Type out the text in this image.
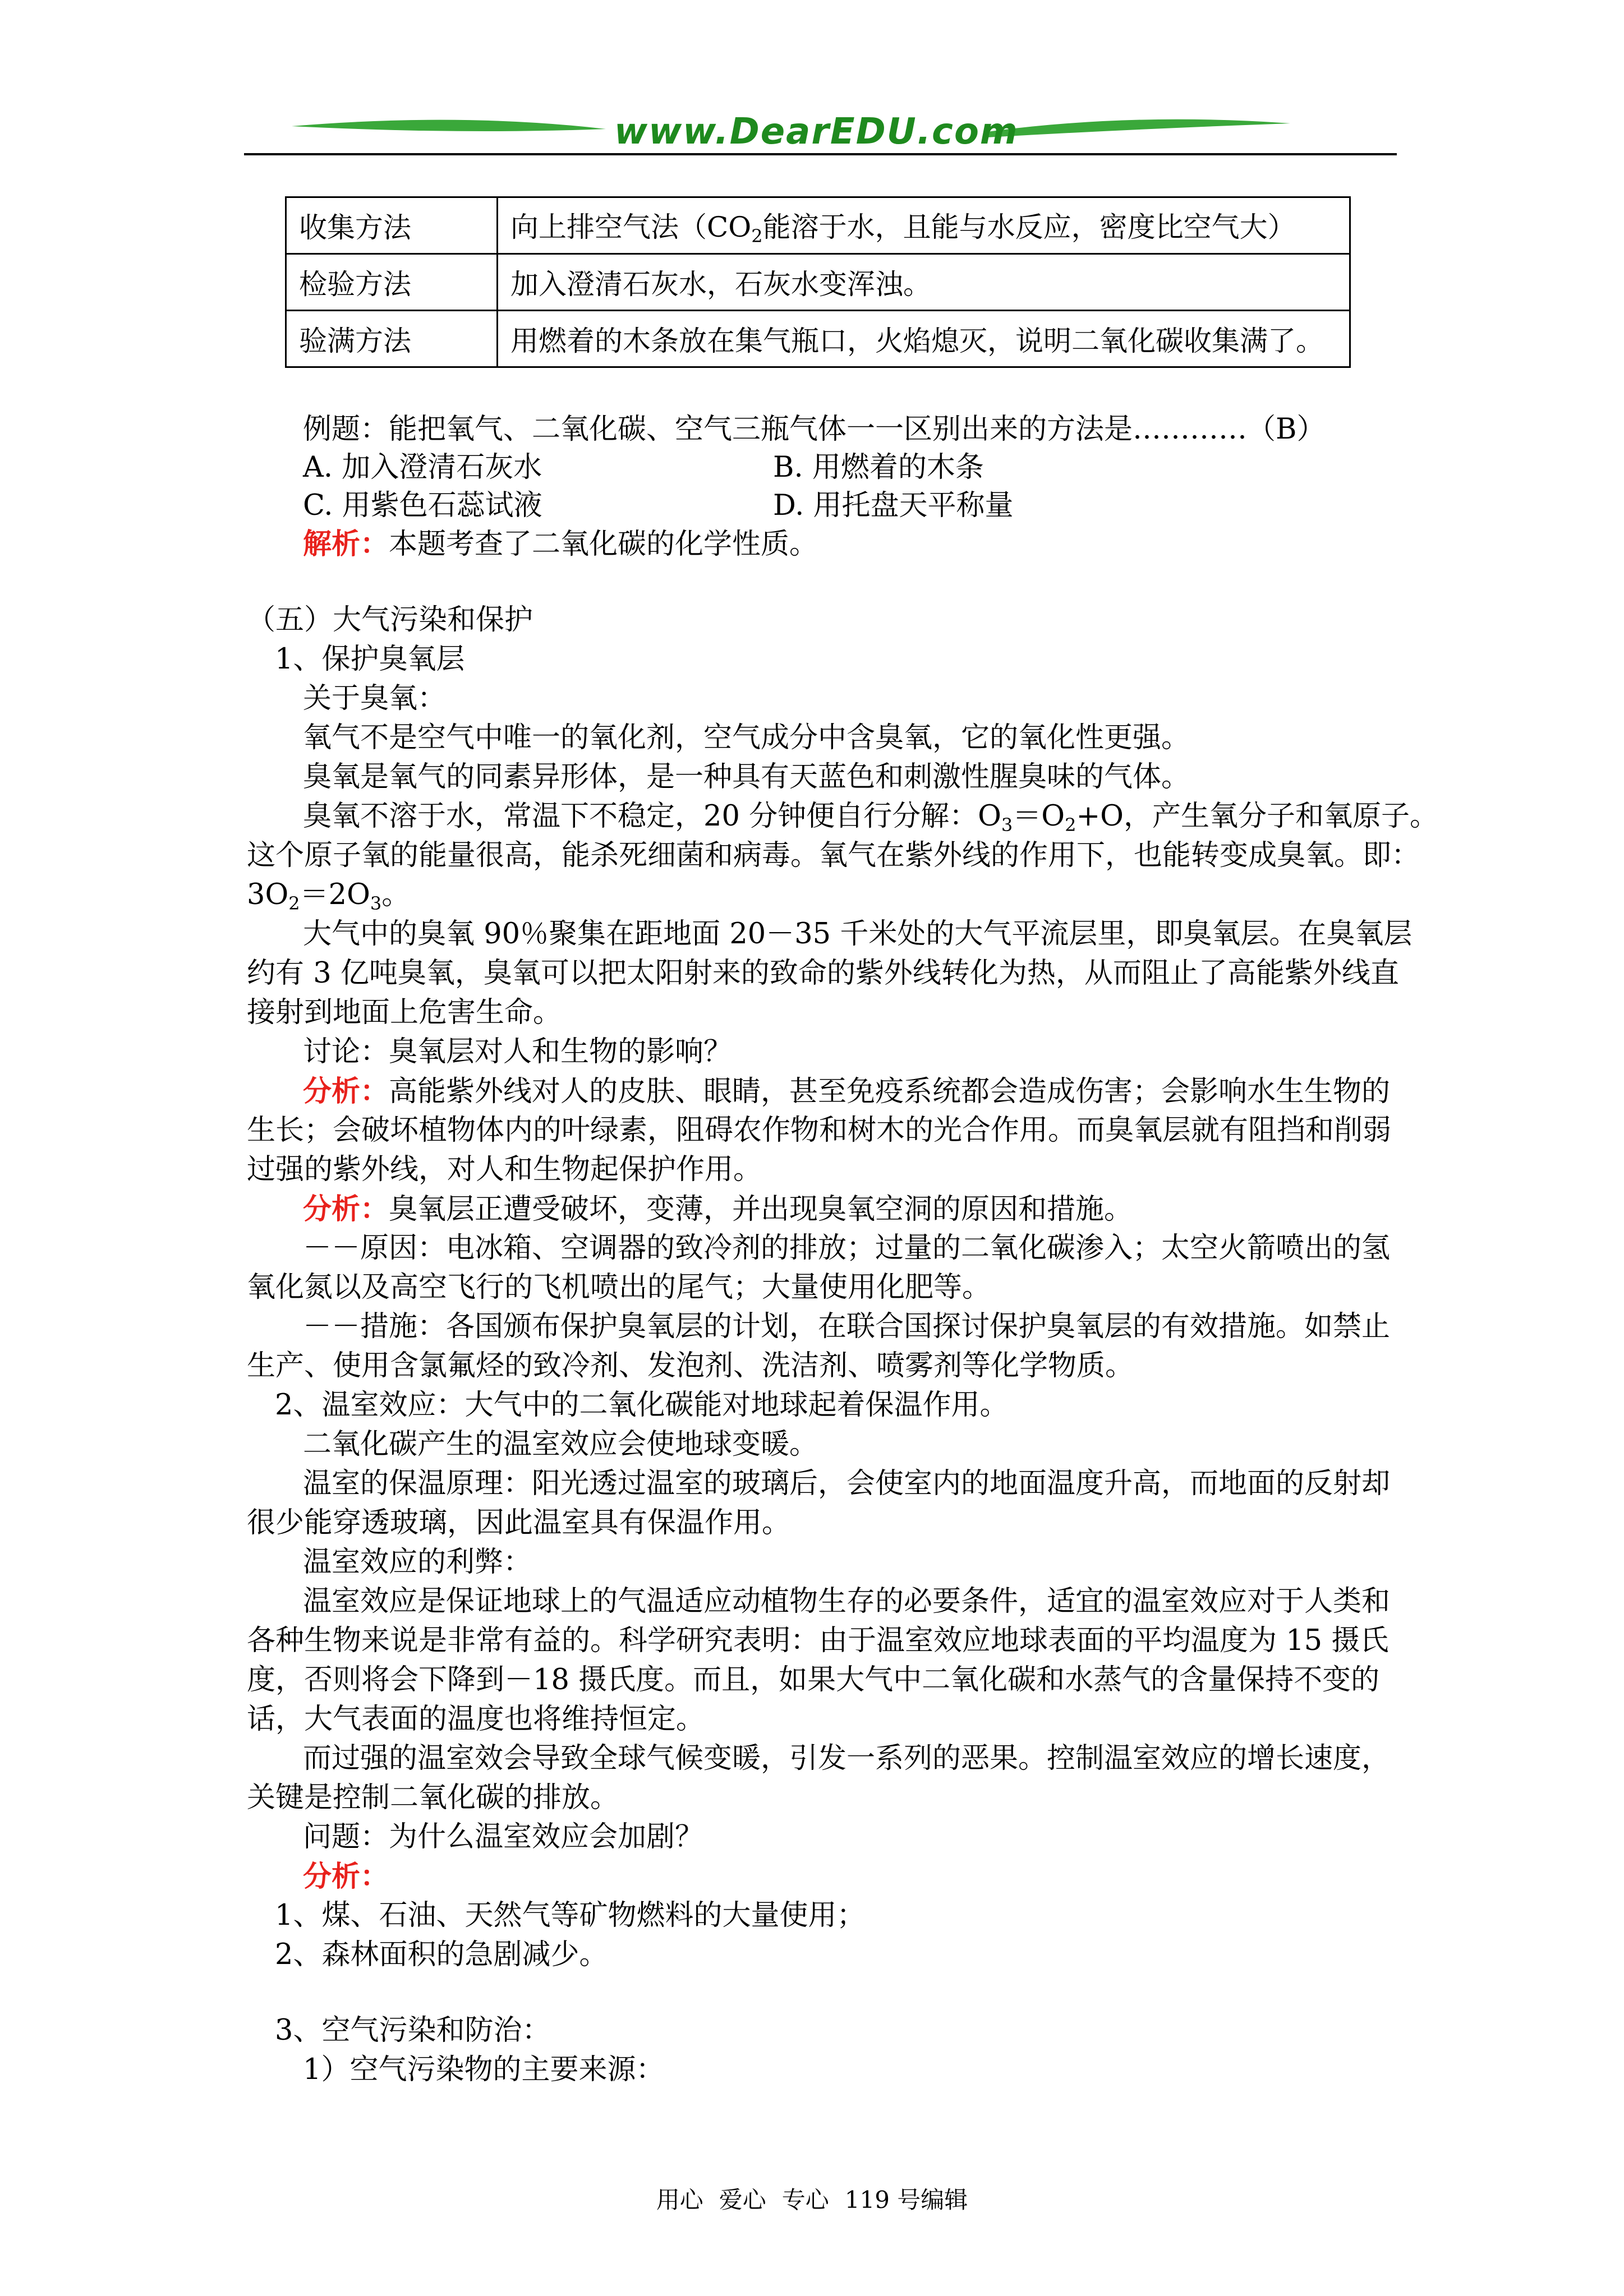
www.DearEDU.com
收集方法	向上排空气法（$CO_2$能溶于水，且能与水反应，密度比空气大）
检验方法	加入澄清石灰水，石灰水变浑浊。
验满方法	用燃着的木条放在集气瓶口，火焰熄灭，说明二氧化碳收集满了。
例题：能把氧气、二氧化碳、空气三瓶气体一一区别出来的方法是…………（B）
A. 加入澄清石灰水	B. 用燃着的木条
C. 用紫色石蕊试液	D. 用托盘天平称量
解析：本题考查了二氧化碳的化学性质。
（五）大气污染和保护
1、保护臭氧层
关于臭氧：
氧气不是空气中唯一的氧化剂，空气成分中含臭氧，它的氧化性更强。
臭氧是氧气的同素异形体，是一种具有天蓝色和刺激性腥臭味的气体。
臭氧不溶于水，常温下不稳定，20 分钟便自行分解：$O_3=O_2+O$，产生氧分子和氧原子。
这个原子氧的能量很高，能杀死细菌和病毒。氧气在紫外线的作用下，也能转变成臭氧。即：
$3O_2=2O_3$。
大气中的臭氧 90％聚集在距地面 20－35 千米处的大气平流层里，即臭氧层。在臭氧层
约有 3 亿吨臭氧，臭氧可以把太阳射来的致命的紫外线转化为热，从而阻止了高能紫外线直
接射到地面上危害生命。
讨论：臭氧层对人和生物的影响？
分析：高能紫外线对人的皮肤、眼睛，甚至免疫系统都会造成伤害；会影响水生生物的
生长；会破坏植物体内的叶绿素，阻碍农作物和树木的光合作用。而臭氧层就有阻挡和削弱
过强的紫外线，对人和生物起保护作用。
分析：臭氧层正遭受破坏，变薄，并出现臭氧空洞的原因和措施。
－－原因：电冰箱、空调器的致冷剂的排放；过量的二氧化碳渗入；太空火箭喷出的氢
氧化氮以及高空飞行的飞机喷出的尾气；大量使用化肥等。
－－措施：各国颁布保护臭氧层的计划，在联合国探讨保护臭氧层的有效措施。如禁止
生产、使用含氯氟烃的致冷剂、发泡剂、洗洁剂、喷雾剂等化学物质。
2、温室效应：大气中的二氧化碳能对地球起着保温作用。
二氧化碳产生的温室效应会使地球变暖。
温室的保温原理：阳光透过温室的玻璃后，会使室内的地面温度升高，而地面的反射却
很少能穿透玻璃，因此温室具有保温作用。
温室效应的利弊：
温室效应是保证地球上的气温适应动植物生存的必要条件，适宜的温室效应对于人类和
各种生物来说是非常有益的。科学研究表明：由于温室效应地球表面的平均温度为 15 摄氏
度，否则将会下降到－18 摄氏度。而且，如果大气中二氧化碳和水蒸气的含量保持不变的
话，大气表面的温度也将维持恒定。
而过强的温室效会导致全球气候变暖，引发一系列的恶果。控制温室效应的增长速度，
关键是控制二氧化碳的排放。
问题：为什么温室效应会加剧？
分析：
1、煤、石油、天然气等矿物燃料的大量使用；
2、森林面积的急剧减少。
3、空气污染和防治：
1）空气污染物的主要来源：
用心 爱心 专心 119 号编辑
